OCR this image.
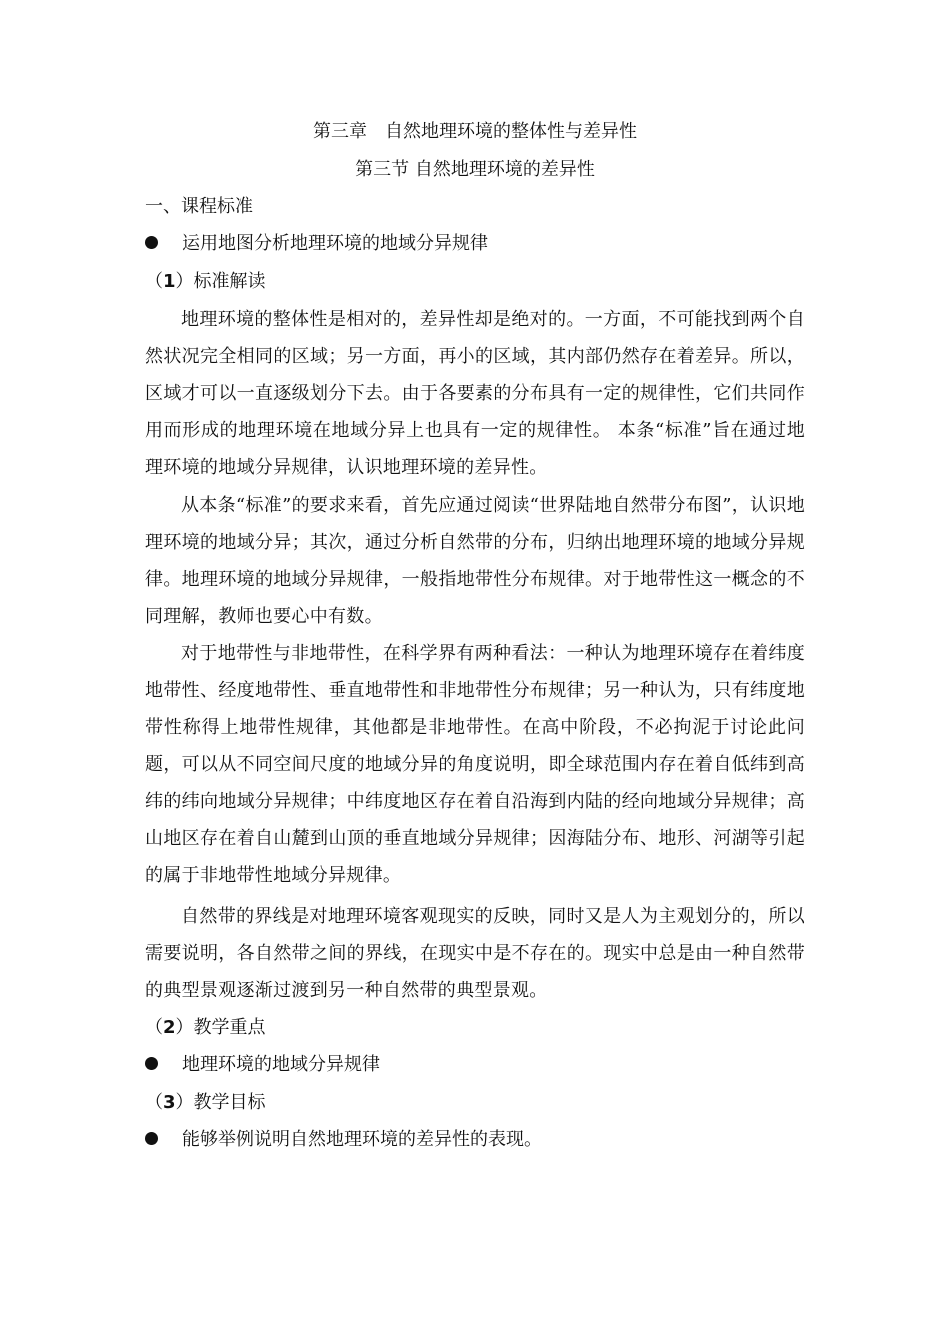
第三章　自然地理环境的整体性与差异性
第三节 自然地理环境的差异性
一、课程标准
运用地图分析地理环境的地域分异规律
（1）标准解读
地理环境的整体性是相对的，差异性却是绝对的。一方面，不可能找到两个自然状况完全相同的区域；另一方面，再小的区域，其内部仍然存在着差异。所以，区域才可以一直逐级划分下去。由于各要素的分布具有一定的规律性，它们共同作用而形成的地理环境在地域分异上也具有一定的规律性。 本条“标准”旨在通过地理环境的地域分异规律，认识地理环境的差异性。
从本条“标准”的要求来看，首先应通过阅读“世界陆地自然带分布图”，认识地理环境的地域分异；其次，通过分析自然带的分布，归纳出地理环境的地域分异规律。地理环境的地域分异规律，一般指地带性分布规律。对于地带性这一概念的不同理解，教师也要心中有数。
对于地带性与非地带性，在科学界有两种看法：一种认为地理环境存在着纬度地带性、经度地带性、垂直地带性和非地带性分布规律；另一种认为，只有纬度地带性称得上地带性规律，其他都是非地带性。在高中阶段，不必拘泥于讨论此问题，可以从不同空间尺度的地域分异的角度说明，即全球范围内存在着自低纬到高纬的纬向地域分异规律；中纬度地区存在着自沿海到内陆的经向地域分异规律；高山地区存在着自山麓到山顶的垂直地域分异规律；因海陆分布、地形、河湖等引起的属于非地带性地域分异规律。
自然带的界线是对地理环境客观现实的反映，同时又是人为主观划分的，所以需要说明，各自然带之间的界线，在现实中是不存在的。现实中总是由一种自然带的典型景观逐渐过渡到另一种自然带的典型景观。
（2）教学重点
地理环境的地域分异规律
（3）教学目标
能够举例说明自然地理环境的差异性的表现。
